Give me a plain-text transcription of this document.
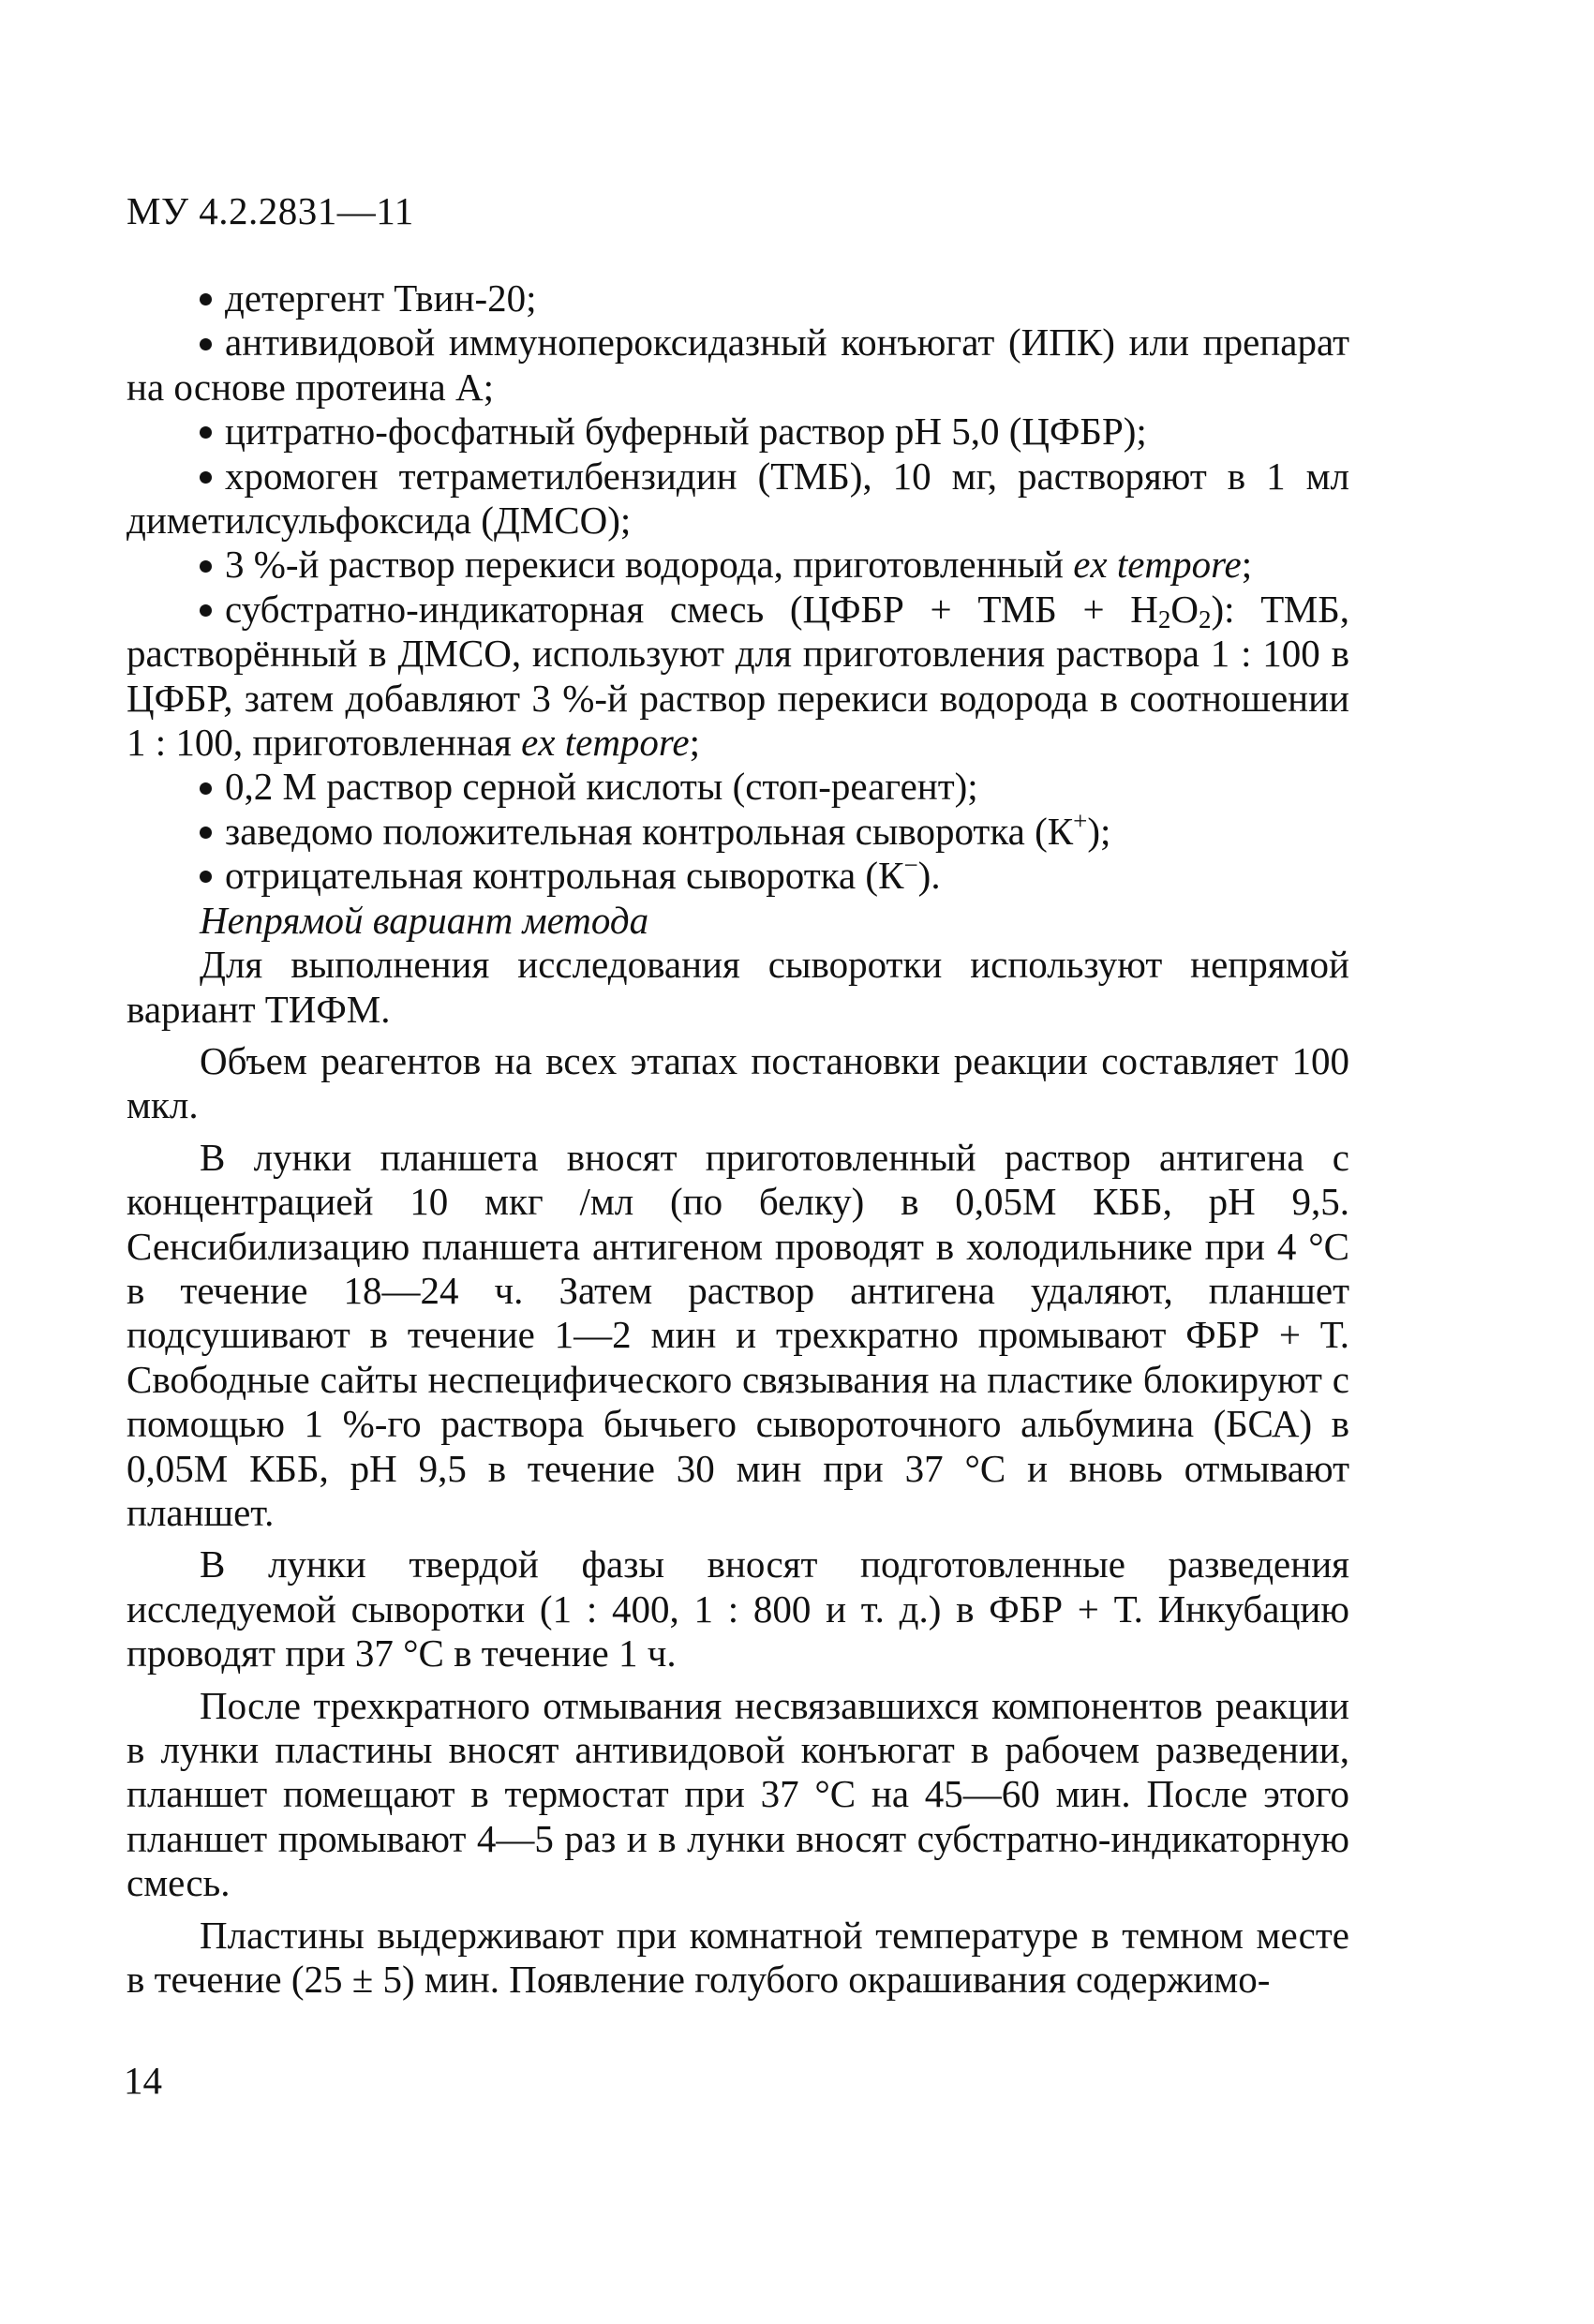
МУ 4.2.2831—11

детергент Твин-20;

антивидовой иммунопероксидазный конъюгат (ИПК) или препарат на основе протеина А;

цитратно-фосфатный буферный раствор рН 5,0 (ЦФБР);

хромоген тетраметилбензидин (ТМБ), 10 мг, растворяют в 1 мл диметилсульфоксида (ДМСО);

3 %-й раствор перекиси водорода, приготовленный ex tempore;

субстратно-индикаторная смесь (ЦФБР + ТМБ + $Н_2О_2$): ТМБ, растворённый в ДМСО, используют для приготовления раствора 1 : 100 в ЦФБР, затем добавляют 3 %-й раствор перекиси водорода в соотношении 1 : 100, приготовленная ex tempore;

0,2 М раствор серной кислоты (стоп-реагент);

заведомо положительная контрольная сыворотка (К+);

отрицательная контрольная сыворотка (К−).

Непрямой вариант метода

Для выполнения исследования сыворотки используют непрямой вариант ТИФМ.

Объем реагентов на всех этапах постановки реакции составляет 100 мкл.

В лунки планшета вносят приготовленный раствор антигена с концентрацией 10 мкг /мл (по белку) в 0,05М КББ, рН 9,5. Сенсибилизацию планшета антигеном проводят в холодильнике при 4 °С в течение 18—24 ч. Затем раствор антигена удаляют, планшет подсушивают в течение 1—2 мин и трехкратно промывают ФБР + Т. Свободные сайты неспецифического связывания на пластике блокируют с помощью 1 %-го раствора бычьего сывороточного альбумина (БСА) в 0,05М КББ, рН 9,5 в течение 30 мин при 37 °С и вновь отмывают планшет.

В лунки твердой фазы вносят подготовленные разведения исследуемой сыворотки (1 : 400, 1 : 800 и т. д.) в ФБР + Т. Инкубацию проводят при 37 °С в течение 1 ч.

После трехкратного отмывания несвязавшихся компонентов реакции в лунки пластины вносят антивидовой конъюгат в рабочем разведении, планшет помещают в термостат при 37 °С на 45—60 мин. После этого планшет промывают 4—5 раз и в лунки вносят субстратно-индикаторную смесь.

Пластины выдерживают при комнатной температуре в темном месте в течение (25 ± 5) мин. Появление голубого окрашивания содержимо-

14
